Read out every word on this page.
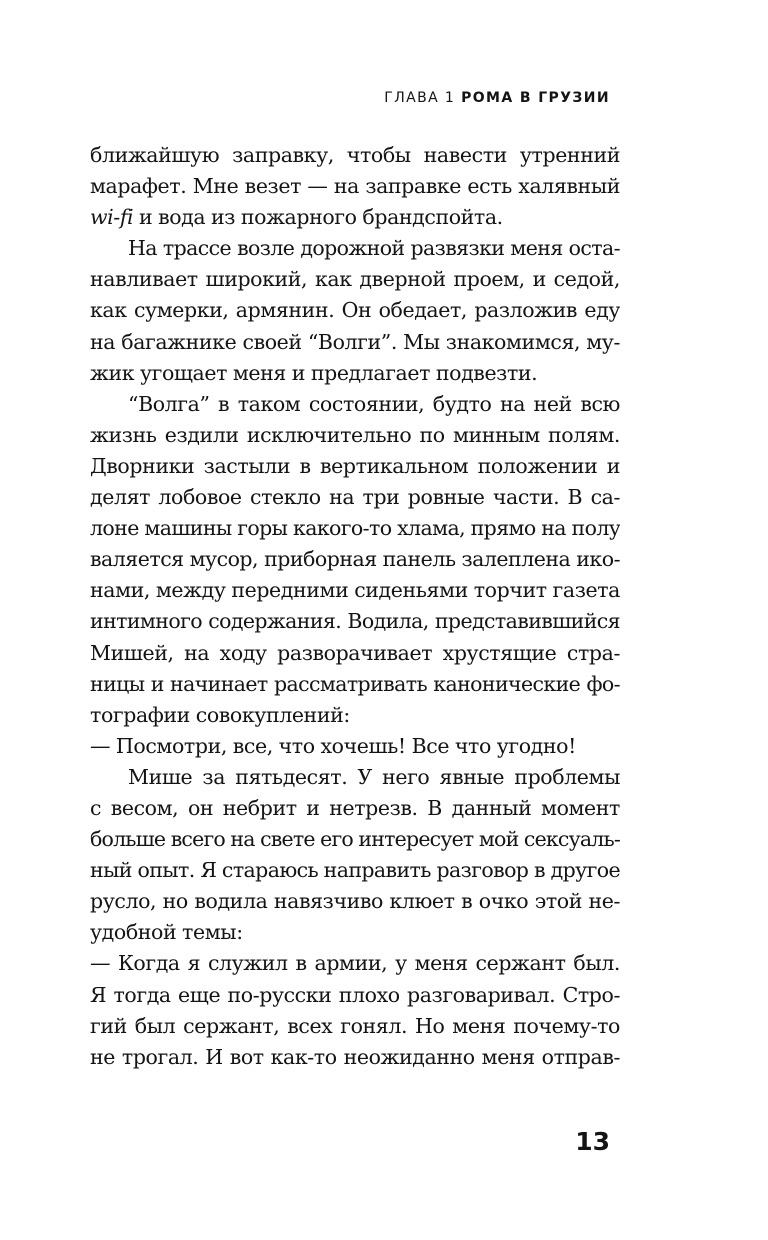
ГЛАВА 1 РОМА В ГРУЗИИ
ближайшую заправку, чтобы навести утренний
марафет. Мне везет — на заправке есть халявный
wi-fi и вода из пожарного брандспойта.
На трассе возле дорожной развязки меня оста-
навливает широкий, как дверной проем, и седой,
как сумерки, армянин. Он обедает, разложив еду
на багажнике своей “Волги”. Мы знакомимся, му-
жик угощает меня и предлагает подвезти.
“Волга” в таком состоянии, будто на ней всю
жизнь ездили исключительно по минным полям.
Дворники застыли в вертикальном положении и
делят лобовое стекло на три ровные части. В са-
лоне машины горы какого-то хлама, прямо на полу
валяется мусор, приборная панель залеплена ико-
нами, между передними сиденьями торчит газета
интимного содержания. Водила, представившийся
Мишей, на ходу разворачивает хрустящие стра-
ницы и начинает рассматривать канонические фо-
тографии совокуплений:
— Посмотри, все, что хочешь! Все что угодно!
Мише за пятьдесят. У него явные проблемы
с весом, он небрит и нетрезв. В данный момент
больше всего на свете его интересует мой сексуаль-
ный опыт. Я стараюсь направить разговор в другое
русло, но водила навязчиво клюет в очко этой не-
удобной темы:
— Когда я служил в армии, у меня сержант был.
Я тогда еще по-русски плохо разговаривал. Стро-
гий был сержант, всех гонял. Но меня почему-то
не трогал. И вот как-то неожиданно меня отправ-
13
